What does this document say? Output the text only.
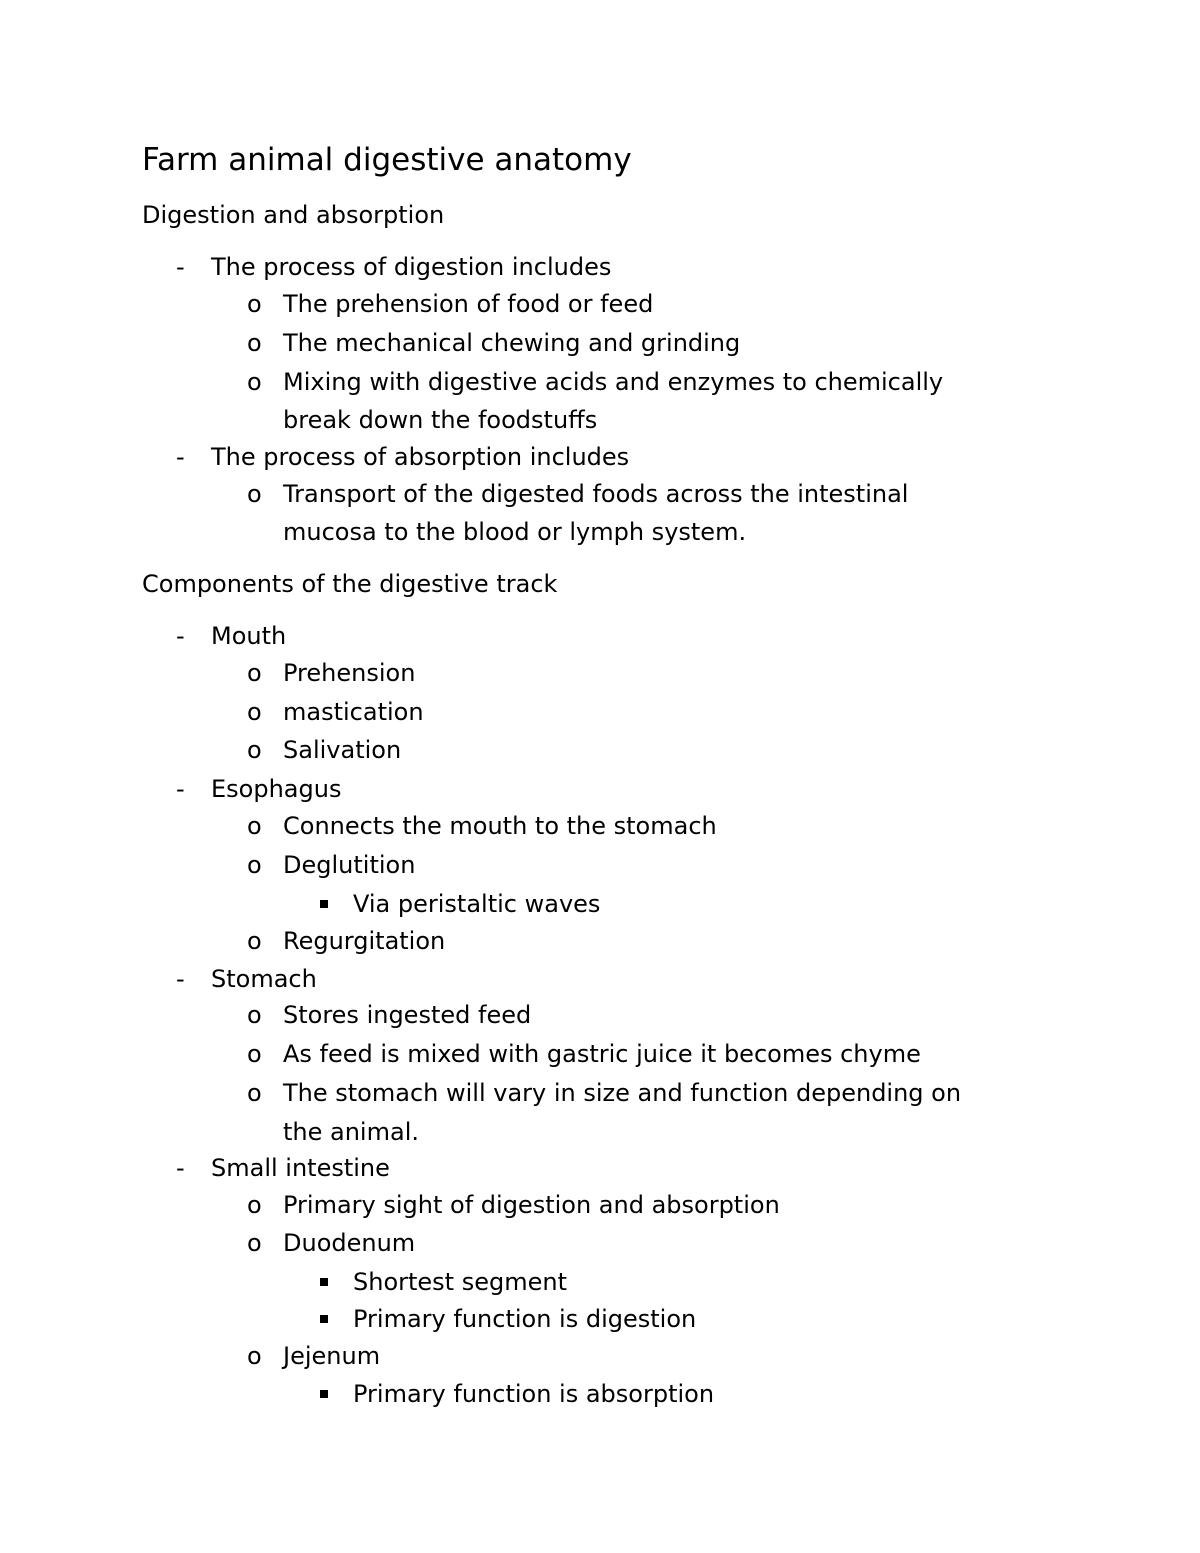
Farm animal digestive anatomy
Digestion and absorption
- The process of digestion includes
o The prehension of food or feed
o The mechanical chewing and grinding
o Mixing with digestive acids and enzymes to chemically
break down the foodstuffs
- The process of absorption includes
o Transport of the digested foods across the intestinal
mucosa to the blood or lymph system.
Components of the digestive track
- Mouth
o Prehension
o mastication
o Salivation
- Esophagus
o Connects the mouth to the stomach
o Deglutition
Via peristaltic waves
o Regurgitation
- Stomach
o Stores ingested feed
o As feed is mixed with gastric juice it becomes chyme
o The stomach will vary in size and function depending on
the animal.
- Small intestine
o Primary sight of digestion and absorption
o Duodenum
Shortest segment
Primary function is digestion
o Jejenum
Primary function is absorption
